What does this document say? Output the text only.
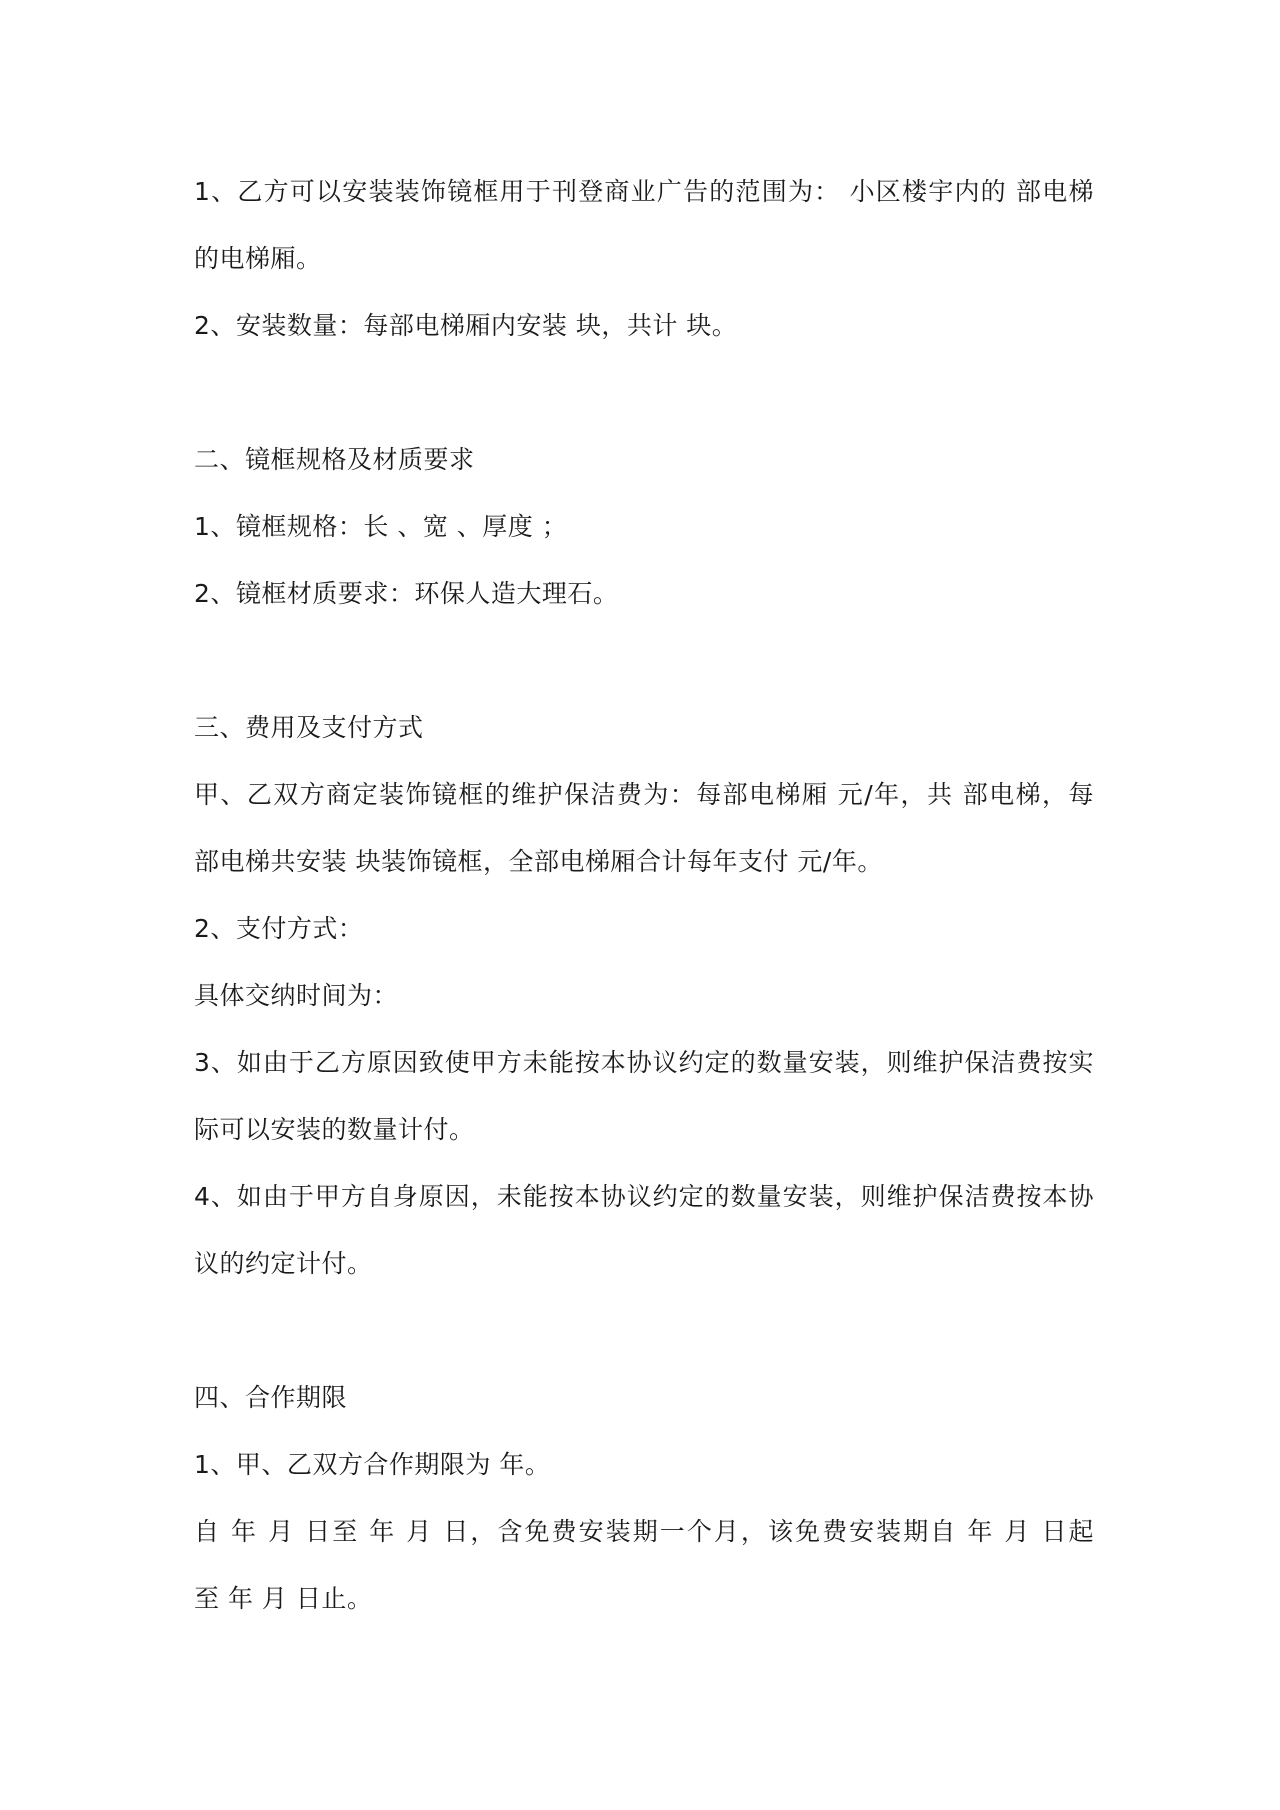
1、乙方可以安装装饰镜框用于刊登商业广告的范围为： 小区楼宇内的 部电梯
的电梯厢。
2、安装数量：每部电梯厢内安装 块，共计 块。
二、镜框规格及材质要求
1、镜框规格：长 、宽 、厚度 ；
2、镜框材质要求：环保人造大理石。
三、费用及支付方式
甲、乙双方商定装饰镜框的维护保洁费为：每部电梯厢 元/年，共 部电梯，每
部电梯共安装 块装饰镜框，全部电梯厢合计每年支付 元/年。
2、支付方式：
具体交纳时间为：
3、如由于乙方原因致使甲方未能按本协议约定的数量安装，则维护保洁费按实
际可以安装的数量计付。
4、如由于甲方自身原因，未能按本协议约定的数量安装，则维护保洁费按本协
议的约定计付。
四、合作期限
1、甲、乙双方合作期限为 年。
自 年 月 日至 年 月 日，含免费安装期一个月，该免费安装期自 年 月 日起
至 年 月 日止。
